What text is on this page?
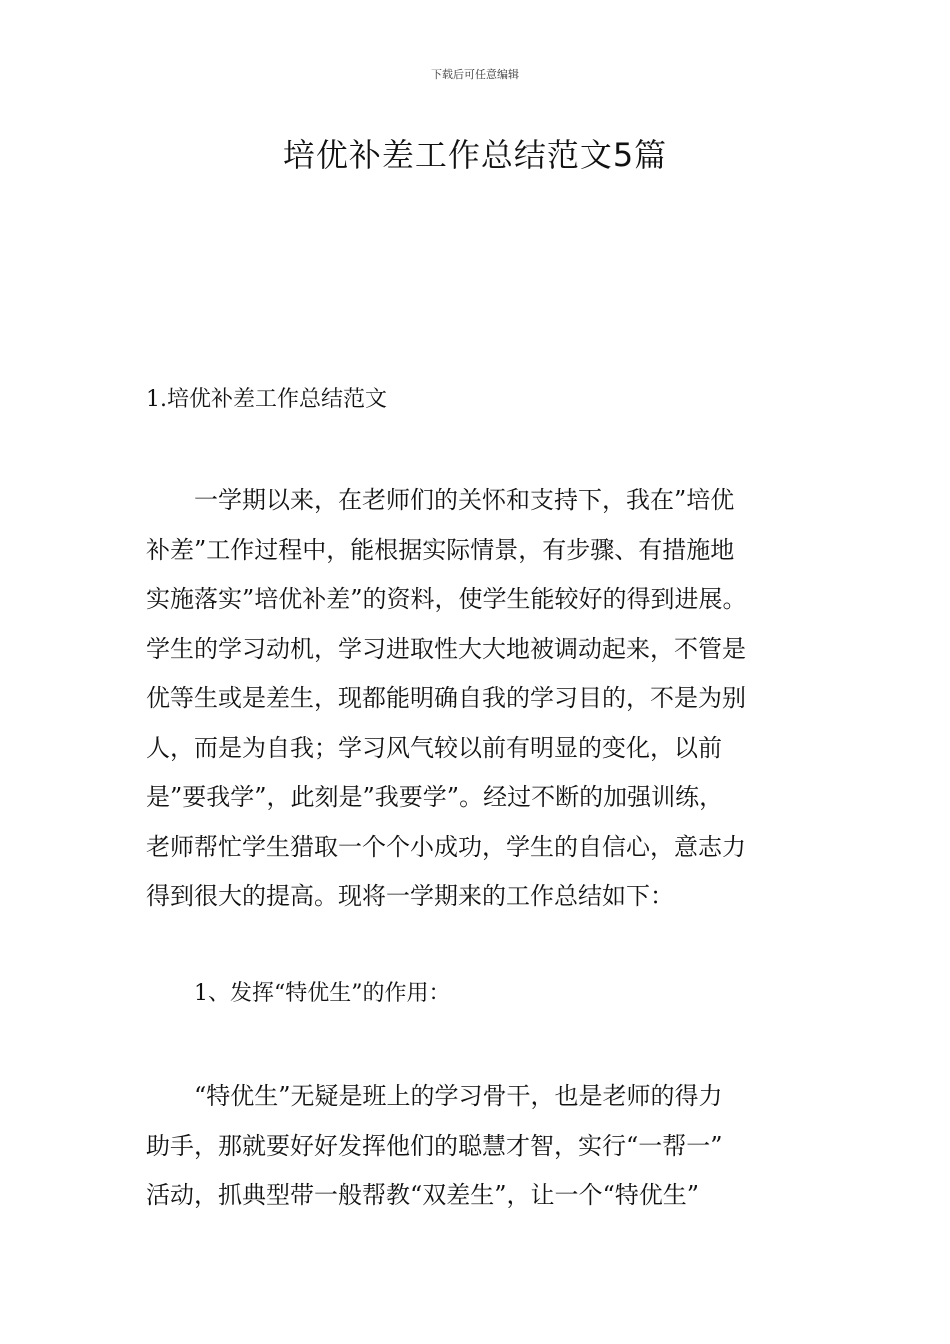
下载后可任意编辑
培优补差工作总结范文5篇
1.培优补差工作总结范文

　　一学期以来，在老师们的关怀和支持下，我在”培优
补差”工作过程中，能根据实际情景，有步骤、有措施地
实施落实”培优补差”的资料，使学生能较好的得到进展。
学生的学习动机，学习进取性大大地被调动起来，不管是
优等生或是差生，现都能明确自我的学习目的，不是为别
人，而是为自我；学习风气较以前有明显的变化，以前
是”要我学”，此刻是”我要学”。经过不断的加强训练，
老师帮忙学生猎取一个个小成功，学生的自信心，意志力
得到很大的提高。现将一学期来的工作总结如下：

1、发挥“特优生”的作用：

　　“特优生”无疑是班上的学习骨干，也是老师的得力
助手，那就要好好发挥他们的聪慧才智，实行“一帮一”
活动，抓典型带一般帮教“双差生”，让一个“特优生”
